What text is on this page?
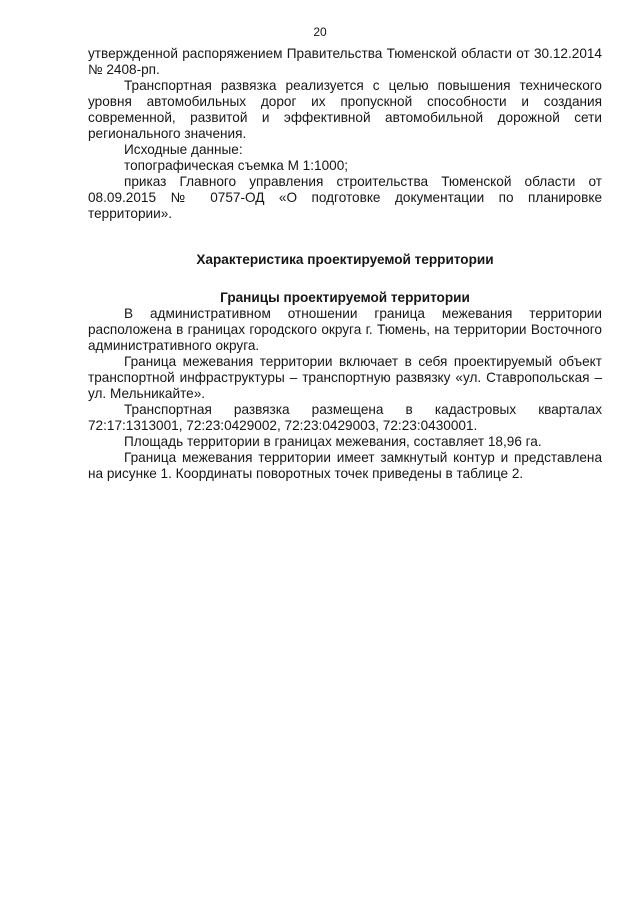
20

утвержденной распоряжением Правительства Тюменской области от 30.12.2014 № 2408-рп.

Транспортная развязка реализуется с целью повышения технического уровня автомобильных дорог их пропускной способности и создания современной, развитой и эффективной автомобильной дорожной сети регионального значения.

Исходные данные:

топографическая съемка М 1:1000;

приказ Главного управления строительства Тюменской области от 08.09.2015 № 0757-ОД «О подготовке документации по планировке территории».

Характеристика проектируемой территории

Границы проектируемой территории

В административном отношении граница межевания территории расположена в границах городского округа г. Тюмень, на территории Восточного административного округа.

Граница межевания территории включает в себя проектируемый объект транспортной инфраструктуры – транспортную развязку «ул. Ставропольская – ул. Мельникайте».

Транспортная развязка размещена в кадастровых кварталах 72:17:1313001, 72:23:0429002, 72:23:0429003, 72:23:0430001.

Площадь территории в границах межевания, составляет 18,96 га.

Граница межевания территории имеет замкнутый контур и представлена на рисунке 1. Координаты поворотных точек приведены в таблице 2.
